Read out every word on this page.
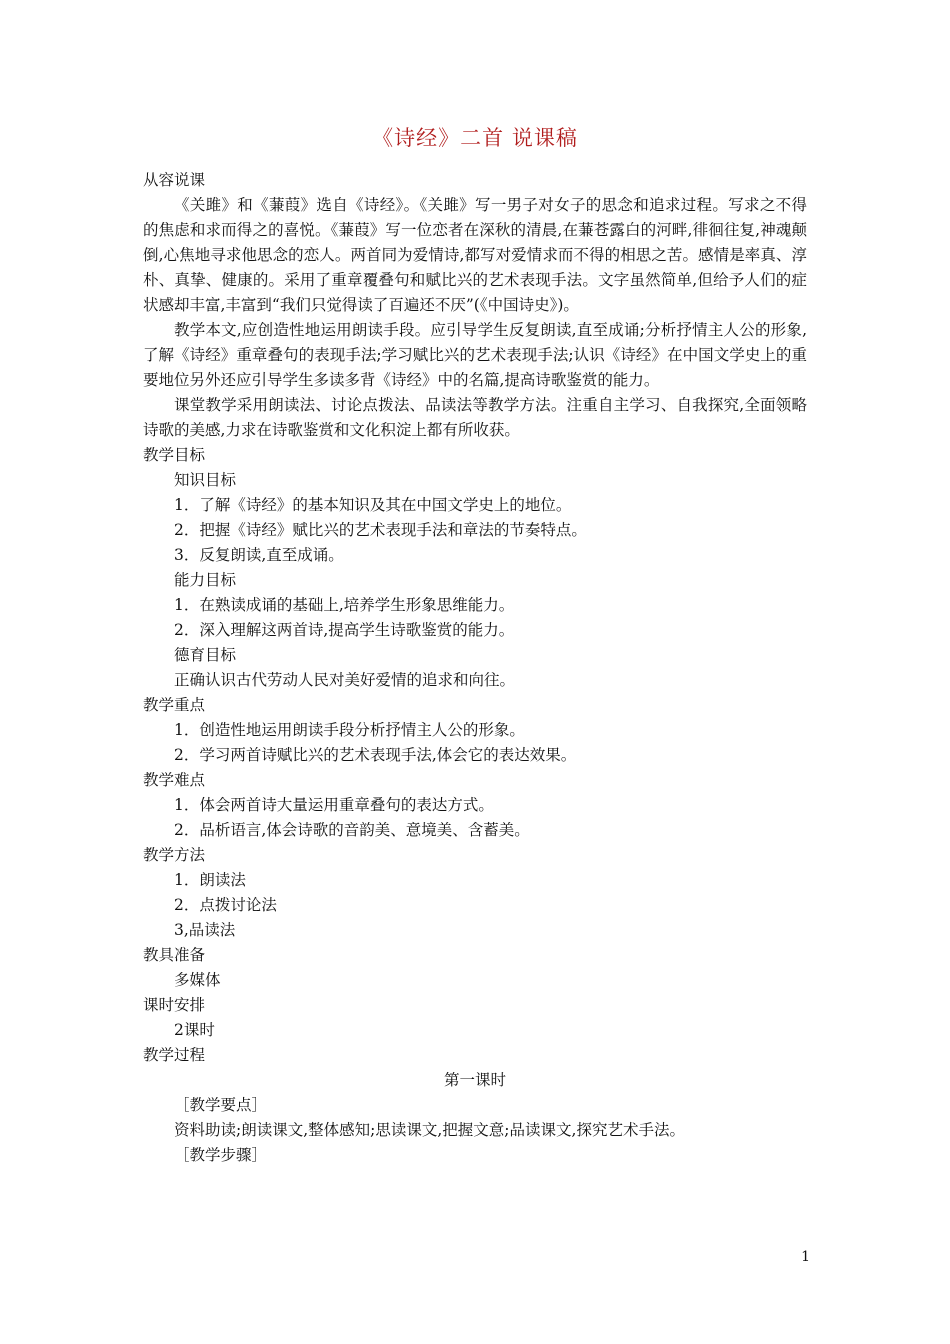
《诗经》二首 说课稿
从容说课

《关雎》和《蒹葭》选自《诗经》。《关雎》写一男子对女子的思念和追求过程。写求之不得的焦虑和求而得之的喜悦。《蒹葭》写一位恋者在深秋的清晨,在蒹苍露白的河畔,徘徊往复,神魂颠倒,心焦地寻求他思念的恋人。两首同为爱情诗,都写对爱情求而不得的相思之苦。感情是率真、淳朴、真挚、健康的。采用了重章覆叠句和赋比兴的艺术表现手法。文字虽然简单,但给予人们的症状感却丰富,丰富到“我们只觉得读了百遍还不厌”(《中国诗史》)。

教学本文,应创造性地运用朗读手段。应引导学生反复朗读,直至成诵;分析抒情主人公的形象,了解《诗经》重章叠句的表现手法;学习赋比兴的艺术表现手法;认识《诗经》在中国文学史上的重要地位另外还应引导学生多读多背《诗经》中的名篇,提高诗歌鉴赏的能力。

课堂教学采用朗读法、讨论点拨法、品读法等教学方法。注重自主学习、自我探究,全面领略诗歌的美感,力求在诗歌鉴赏和文化积淀上都有所收获。

教学目标
知识目标
1．了解《诗经》的基本知识及其在中国文学史上的地位。
2．把握《诗经》赋比兴的艺术表现手法和章法的节奏特点。
3．反复朗读,直至成诵。
能力目标
1．在熟读成诵的基础上,培养学生形象思维能力。
2．深入理解这两首诗,提高学生诗歌鉴赏的能力。
德育目标
正确认识古代劳动人民对美好爱情的追求和向往。
教学重点
1．创造性地运用朗读手段分析抒情主人公的形象。
2．学习两首诗赋比兴的艺术表现手法,体会它的表达效果。
教学难点
1．体会两首诗大量运用重章叠句的表达方式。
2．品析语言,体会诗歌的音韵美、意境美、含蓄美。
教学方法
1．朗读法
2．点拨讨论法
3,品读法
教具准备
多媒体
课时安排
2课时
教学过程
第一课时
［教学要点］
资料助读;朗读课文,整体感知;思读课文,把握文意;品读课文,探究艺术手法。
［教学步骤］
1
